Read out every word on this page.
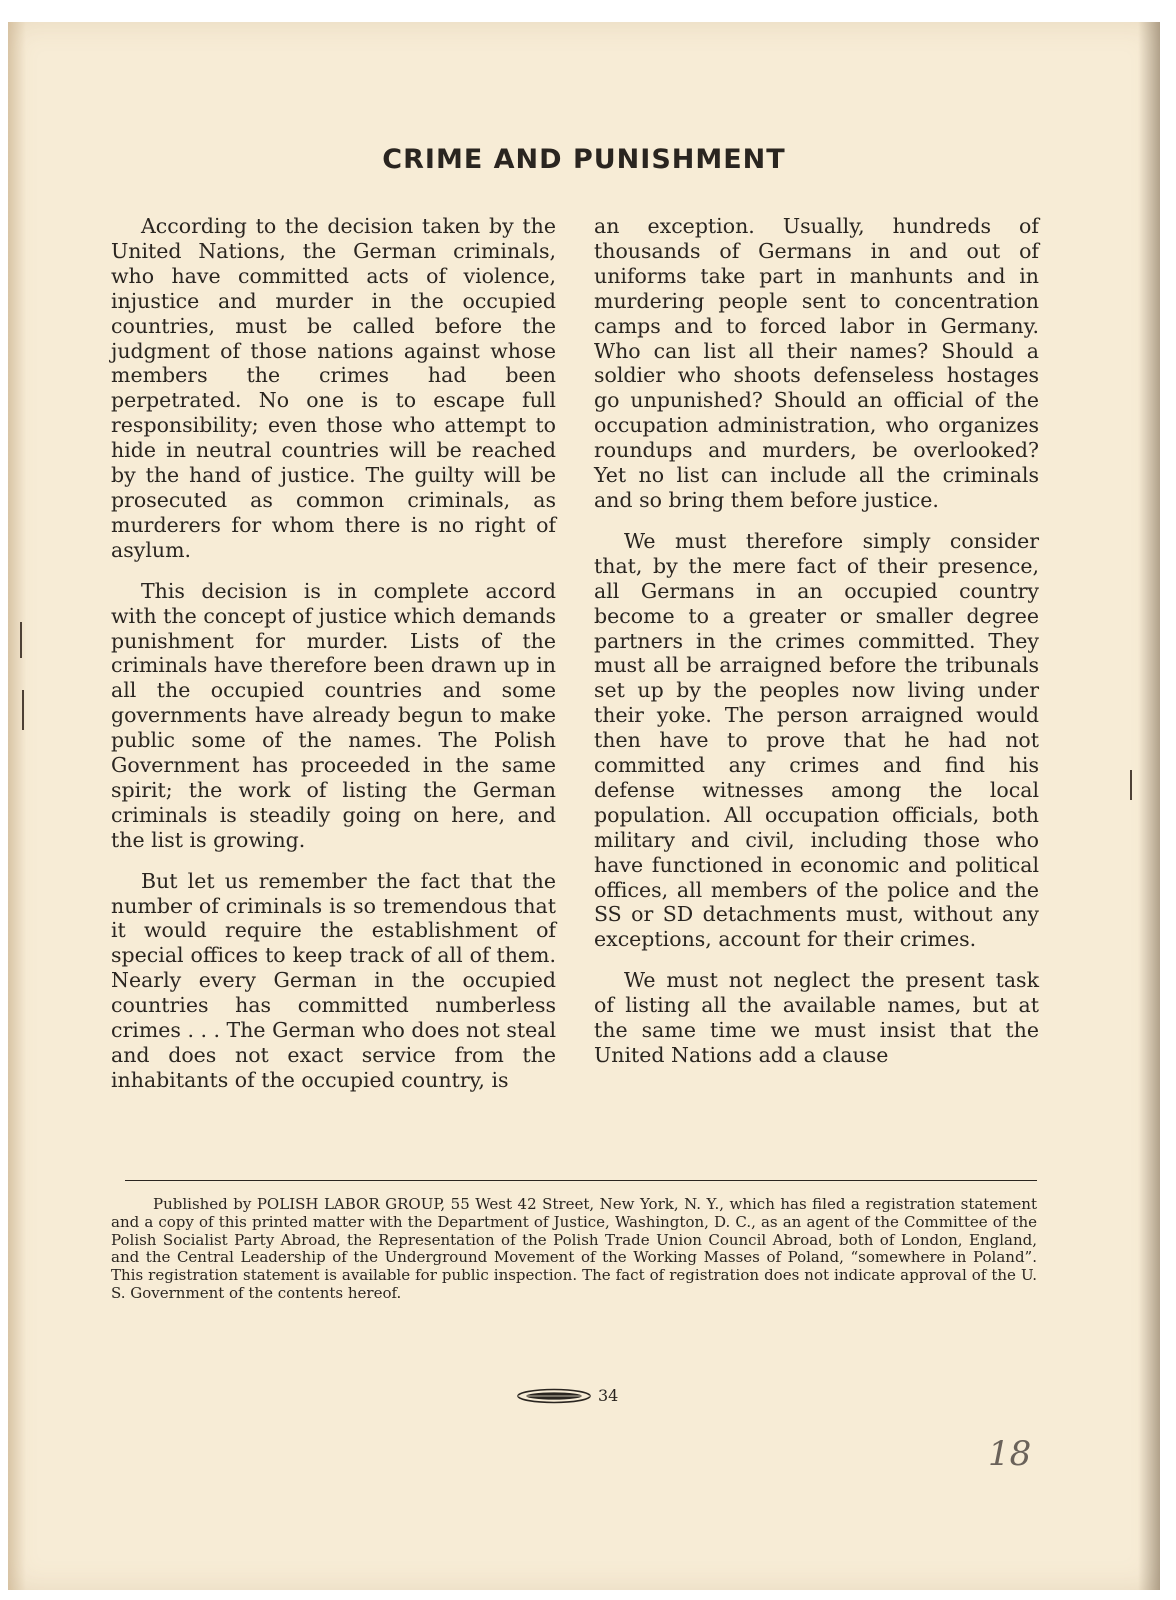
CRIME AND PUNISHMENT

According to the decision taken by the United Nations, the German criminals, who have committed acts of violence, injustice and murder in the occupied countries, must be called before the judgment of those nations against whose members the crimes had been perpetrated. No one is to escape full responsibility; even those who attempt to hide in neutral countries will be reached by the hand of justice. The guilty will be prosecuted as common criminals, as murderers for whom there is no right of asylum.

This decision is in complete accord with the concept of justice which demands punishment for murder. Lists of the criminals have therefore been drawn up in all the occupied countries and some governments have already begun to make public some of the names. The Polish Government has proceeded in the same spirit; the work of listing the German criminals is steadily going on here, and the list is growing.

But let us remember the fact that the number of criminals is so tremendous that it would require the establishment of special offices to keep track of all of them. Nearly every German in the occupied countries has committed numberless crimes . . . The German who does not steal and does not exact service from the inhabitants of the occupied country, is

an exception. Usually, hundreds of thousands of Germans in and out of uniforms take part in manhunts and in murdering people sent to concentration camps and to forced labor in Germany. Who can list all their names? Should a soldier who shoots defenseless hostages go unpunished? Should an official of the occupation administration, who organizes roundups and murders, be overlooked? Yet no list can include all the criminals and so bring them before justice.

We must therefore simply consider that, by the mere fact of their presence, all Germans in an occupied country become to a greater or smaller degree partners in the crimes committed. They must all be arraigned before the tribunals set up by the peoples now living under their yoke. The person arraigned would then have to prove that he had not committed any crimes and find his defense witnesses among the local population. All occupation officials, both military and civil, including those who have functioned in economic and political offices, all members of the police and the SS or SD detachments must, without any exceptions, account for their crimes.

We must not neglect the present task of listing all the available names, but at the same time we must insist that the United Nations add a clause

Published by POLISH LABOR GROUP, 55 West 42 Street, New York, N. Y., which has filed a registration statement and a copy of this printed matter with the Department of Justice, Washington, D. C., as an agent of the Committee of the Polish Socialist Party Abroad, the Representation of the Polish Trade Union Council Abroad, both of London, England, and the Central Leadership of the Underground Movement of the Working Masses of Poland, “somewhere in Poland”. This registration statement is available for public inspection. The fact of registration does not indicate approval of the U. S. Government of the contents hereof.
34
18
